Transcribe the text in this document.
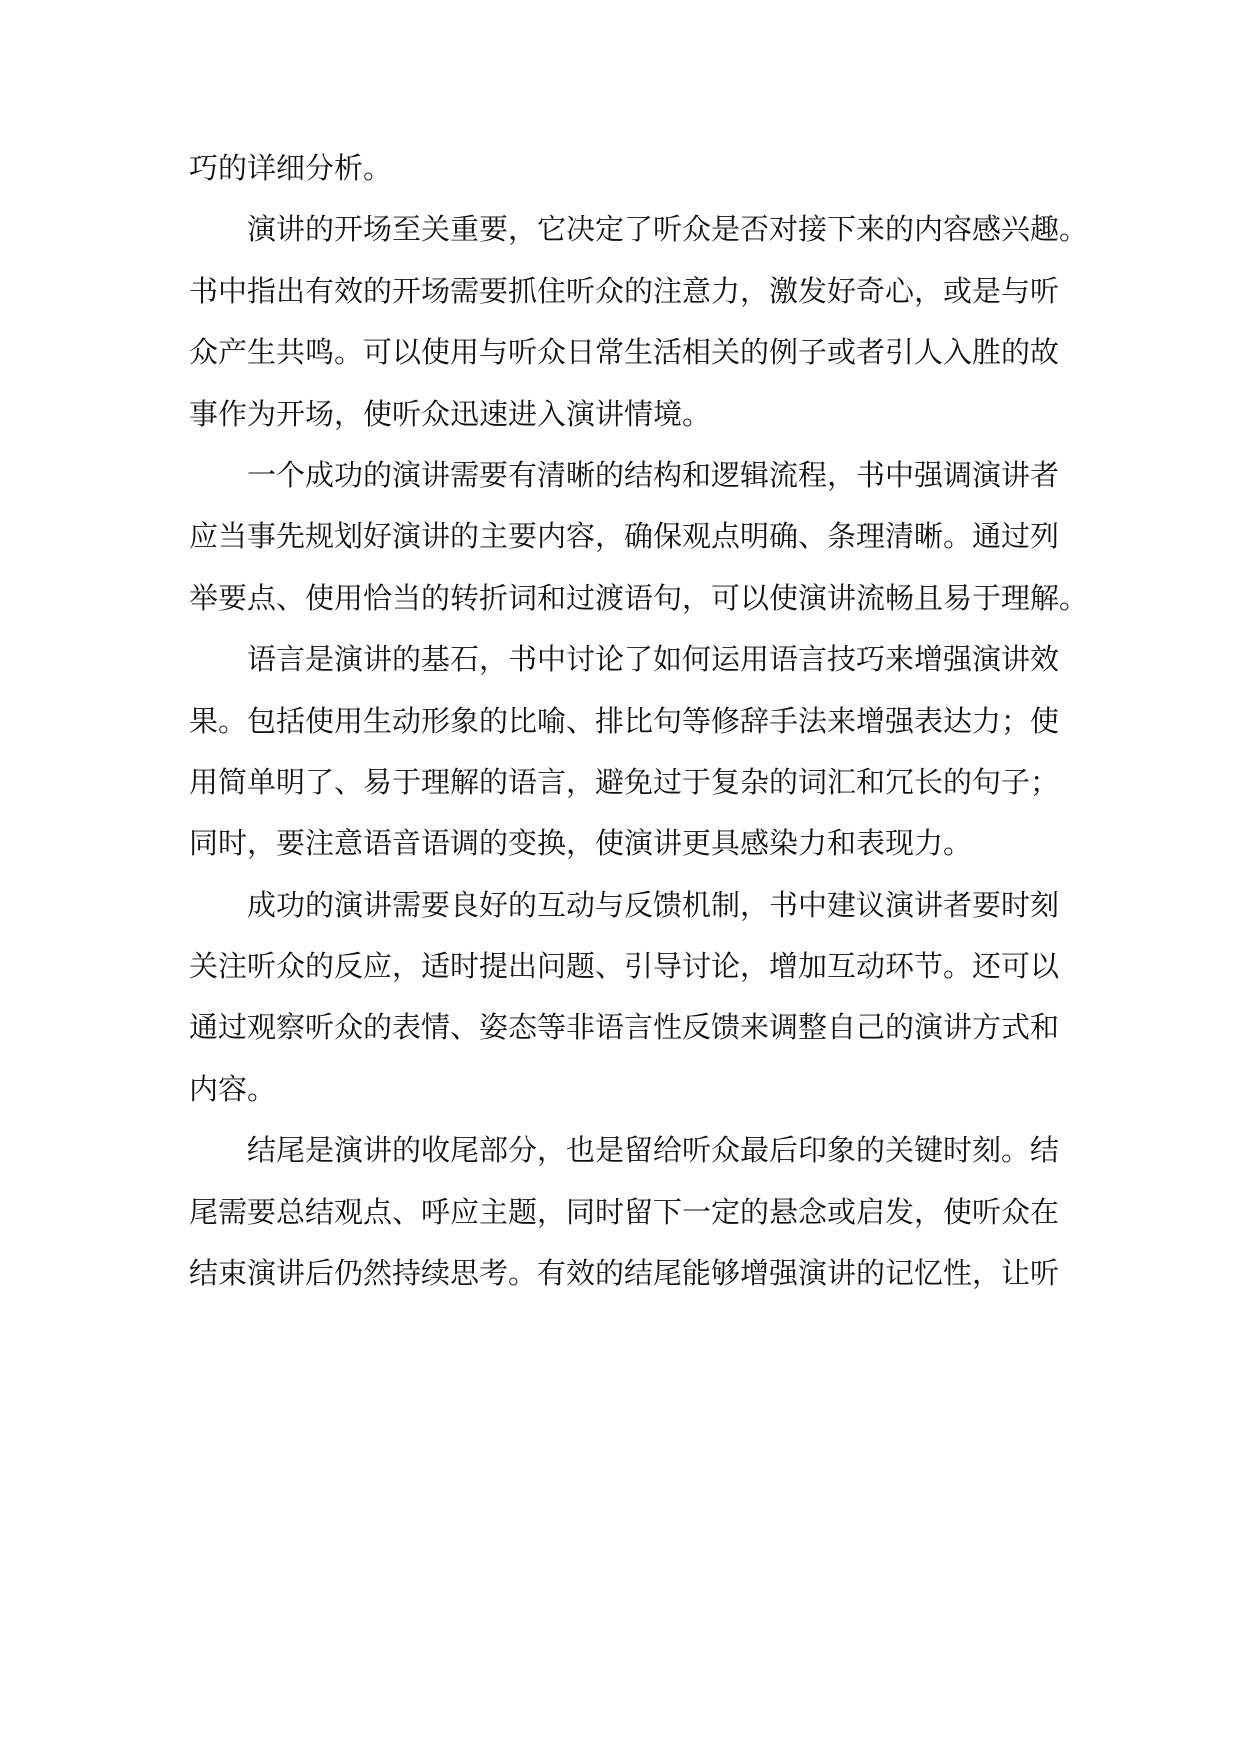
巧的详细分析。
演讲的开场至关重要，它决定了听众是否对接下来的内容感兴趣。
书中指出有效的开场需要抓住听众的注意力，激发好奇心，或是与听
众产生共鸣。可以使用与听众日常生活相关的例子或者引人入胜的故
事作为开场，使听众迅速进入演讲情境。
一个成功的演讲需要有清晰的结构和逻辑流程，书中强调演讲者
应当事先规划好演讲的主要内容，确保观点明确、条理清晰。通过列
举要点、使用恰当的转折词和过渡语句，可以使演讲流畅且易于理解。
语言是演讲的基石，书中讨论了如何运用语言技巧来增强演讲效
果。包括使用生动形象的比喻、排比句等修辞手法来增强表达力；使
用简单明了、易于理解的语言，避免过于复杂的词汇和冗长的句子；
同时，要注意语音语调的变换，使演讲更具感染力和表现力。
成功的演讲需要良好的互动与反馈机制，书中建议演讲者要时刻
关注听众的反应，适时提出问题、引导讨论，增加互动环节。还可以
通过观察听众的表情、姿态等非语言性反馈来调整自己的演讲方式和
内容。
结尾是演讲的收尾部分，也是留给听众最后印象的关键时刻。结
尾需要总结观点、呼应主题，同时留下一定的悬念或启发，使听众在
结束演讲后仍然持续思考。有效的结尾能够增强演讲的记忆性，让听
